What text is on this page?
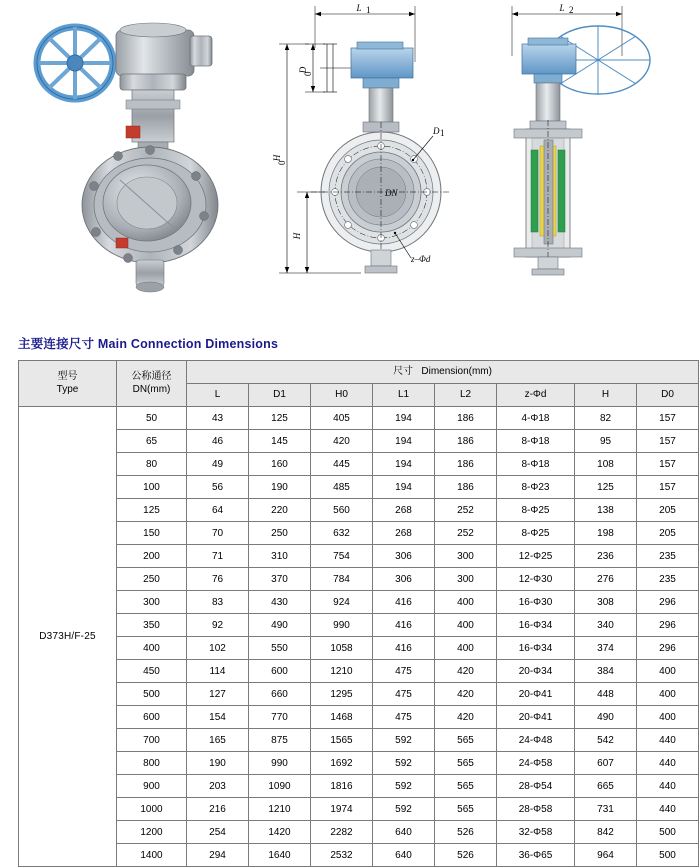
L 1
D
0
H
0
H
D 1
DN
z–Φd
L 2
主要连接尺寸 Main Connection Dimensions
型号
Type

公称通径
DN(mm)
	尺寸 Dimension(mm)
		L	D1	H0	L1	L2	z-Φd	H	D0
D373H/F-25	50	43	125	405	194	186	4-Φ18	82	157
	65	46	145	420	194	186	8-Φ18	95	157
	80	49	160	445	194	186	8-Φ18	108	157
	100	56	190	485	194	186	8-Φ23	125	157
	125	64	220	560	268	252	8-Φ25	138	205
	150	70	250	632	268	252	8-Φ25	198	205
	200	71	310	754	306	300	12-Φ25	236	235
	250	76	370	784	306	300	12-Φ30	276	235
	300	83	430	924	416	400	16-Φ30	308	296
	350	92	490	990	416	400	16-Φ34	340	296
	400	102	550	1058	416	400	16-Φ34	374	296
	450	114	600	1210	475	420	20-Φ34	384	400
	500	127	660	1295	475	420	20-Φ41	448	400
	600	154	770	1468	475	420	20-Φ41	490	400
	700	165	875	1565	592	565	24-Φ48	542	440
	800	190	990	1692	592	565	24-Φ58	607	440
	900	203	1090	1816	592	565	28-Φ54	665	440
	1000	216	1210	1974	592	565	28-Φ58	731	440
	1200	254	1420	2282	640	526	32-Φ58	842	500
	1400	294	1640	2532	640	526	36-Φ65	964	500
